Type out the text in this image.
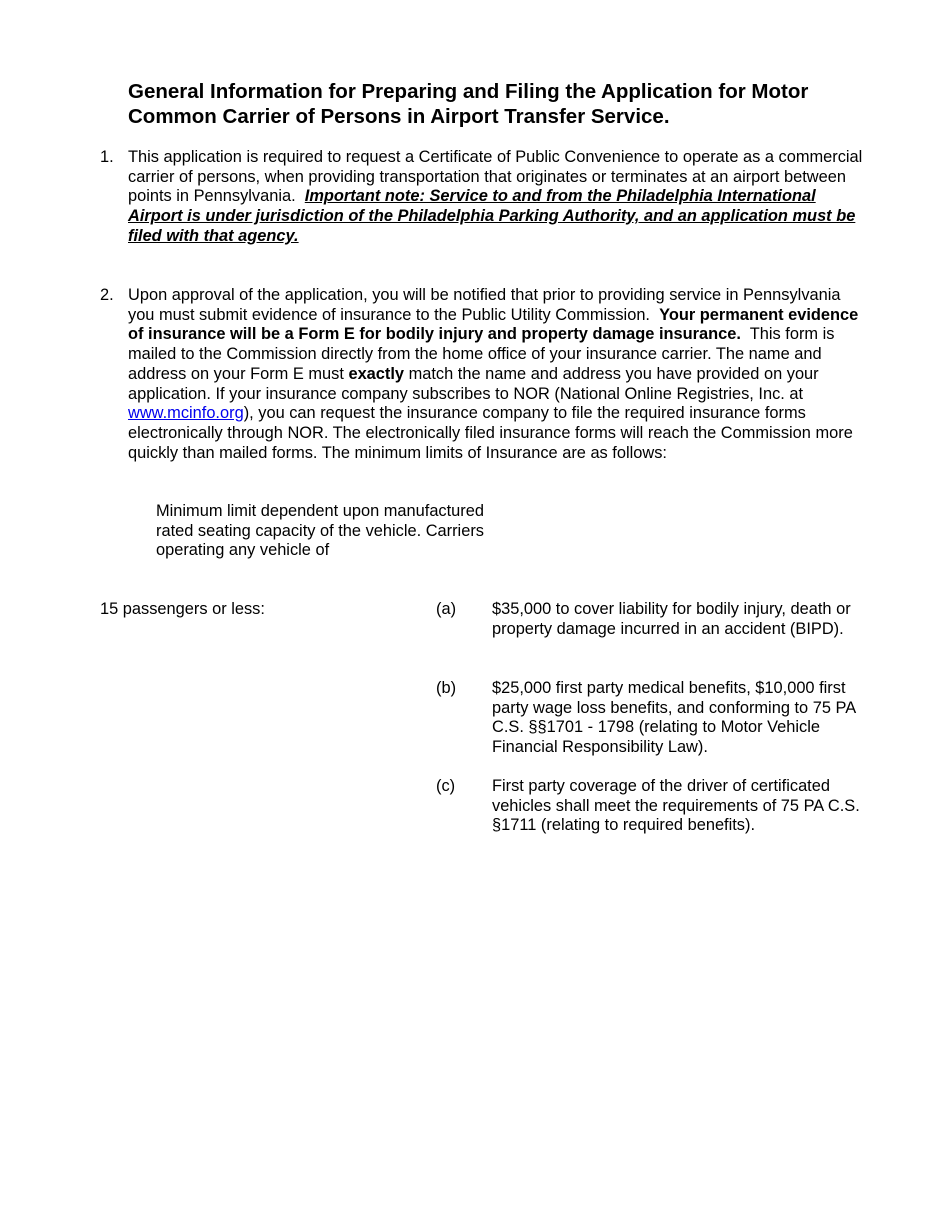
General Information for Preparing and Filing the Application for Motor Common Carrier of Persons in Airport Transfer Service.
1. This application is required to request a Certificate of Public Convenience to operate as a commercial carrier of persons, when providing transportation that originates or terminates at an airport between points in Pennsylvania. Important note: Service to and from the Philadelphia International Airport is under jurisdiction of the Philadelphia Parking Authority, and an application must be filed with that agency.
2. Upon approval of the application, you will be notified that prior to providing service in Pennsylvania you must submit evidence of insurance to the Public Utility Commission. Your permanent evidence of insurance will be a Form E for bodily injury and property damage insurance. This form is mailed to the Commission directly from the home office of your insurance carrier. The name and address on your Form E must exactly match the name and address you have provided on your application. If your insurance company subscribes to NOR (National Online Registries, Inc. at www.mcinfo.org), you can request the insurance company to file the required insurance forms electronically through NOR. The electronically filed insurance forms will reach the Commission more quickly than mailed forms. The minimum limits of Insurance are as follows:
Minimum limit dependent upon manufactured rated seating capacity of the vehicle. Carriers operating any vehicle of
15 passengers or less:	(a) $35,000 to cover liability for bodily injury, death or property damage incurred in an accident (BIPD).
(b) $25,000 first party medical benefits, $10,000 first party wage loss benefits, and conforming to 75 PA C.S. §§1701 - 1798 (relating to Motor Vehicle Financial Responsibility Law).
(c) First party coverage of the driver of certificated vehicles shall meet the requirements of 75 PA C.S. §1711 (relating to required benefits).
